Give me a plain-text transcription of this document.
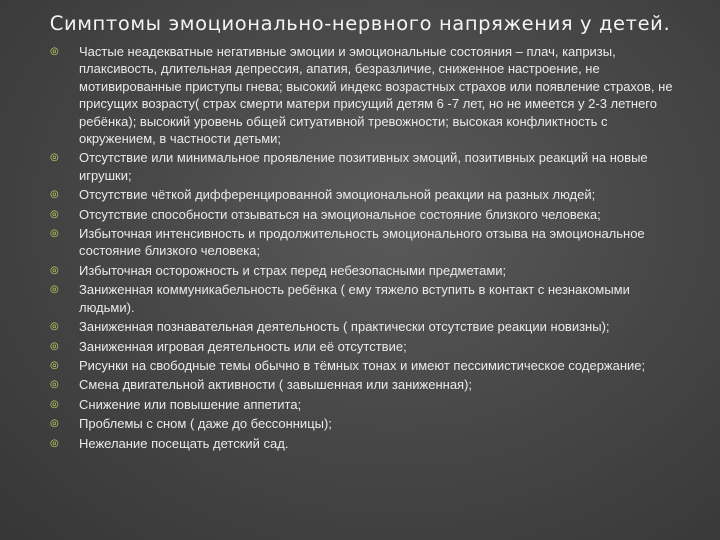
Симптомы эмоционально-нервного напряжения у детей.
◎ Частые неадекватные негативные эмоции и эмоциональные состояния – плач, капризы, плаксивость, длительная депрессия, апатия, безразличие, сниженное настроение, не мотивированные приступы гнева; высокий индекс возрастных страхов или появление страхов, не присущих возрасту( страх смерти матери присущий детям 6 -7 лет, но не имеется у 2-3 летнего ребёнка); высокий уровень общей ситуативной тревожности; высокая конфликтность с окружением, в частности детьми;
◎ Отсутствие или минимальное проявление позитивных эмоций, позитивных реакций на новые игрушки;
◎ Отсутствие чёткой дифференцированной эмоциональной реакции на разных людей;
◎ Отсутствие способности отзываться на эмоциональное состояние близкого человека;
◎ Избыточная интенсивность и продолжительность эмоционального отзыва на эмоциональное состояние близкого человека;
◎ Избыточная осторожность и страх перед небезопасными предметами;
◎ Заниженная коммуникабельность ребёнка ( ему тяжело вступить в контакт с незнакомыми людьми).
◎ Заниженная познавательная деятельность ( практически отсутствие реакции новизны);
◎ Заниженная игровая деятельность или её отсутствие;
◎ Рисунки на свободные темы обычно в тёмных тонах и имеют пессимистическое содержание;
◎ Смена двигательной активности ( завышенная или заниженная);
◎ Снижение или повышение аппетита;
◎ Проблемы с сном ( даже до бессонницы);
◎ Нежелание посещать детский сад.
